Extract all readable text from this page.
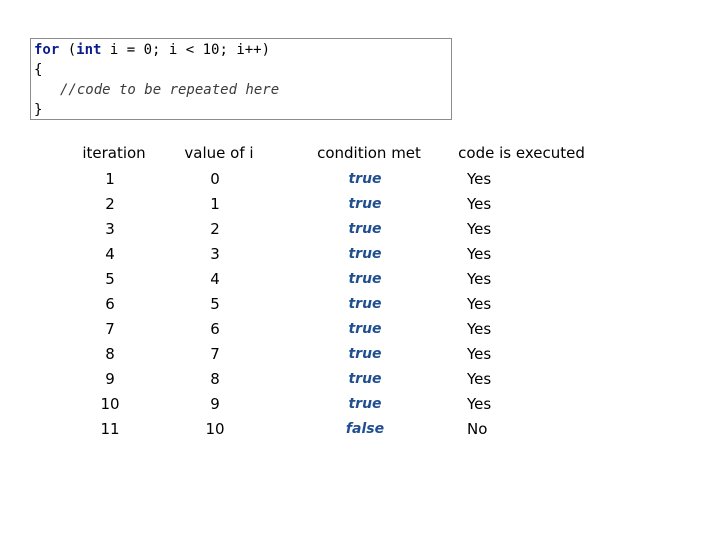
for (int i = 0; i < 10; i++)
{
//code to be repeated here
}
iteration	value of i	condition met	code is executed
1	0	true	Yes
2	1	true	Yes
3	2	true	Yes
4	3	true	Yes
5	4	true	Yes
6	5	true	Yes
7	6	true	Yes
8	7	true	Yes
9	8	true	Yes
10	9	true	Yes
11	10	false	No
